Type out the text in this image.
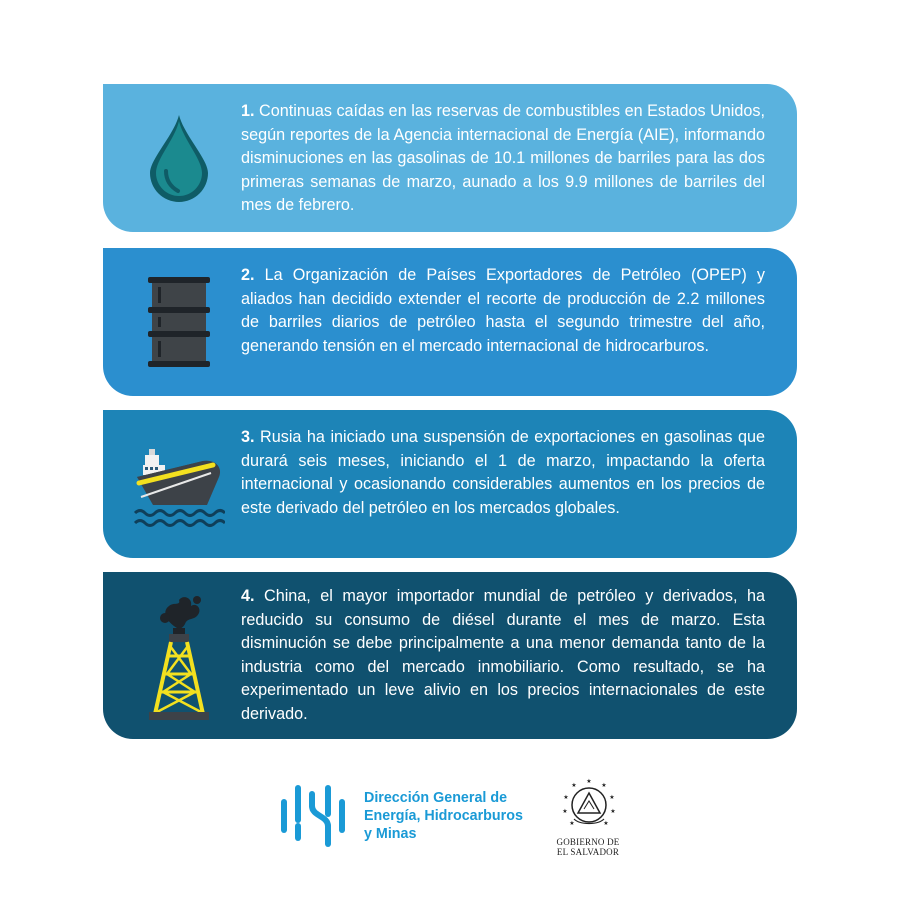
1. Continuas caídas en las reservas de combustibles en Estados Unidos, según reportes de la Agencia internacional de Energía (AIE), informando disminuciones en las gasolinas de 10.1 millones de barriles para las dos primeras semanas de marzo, aunado a los 9.9 millones de barriles del mes de febrero.

2. La Organización de Países Exportadores de Petróleo (OPEP) y aliados han decidido extender el recorte de producción de 2.2 millones de barriles diarios de petróleo hasta el segundo trimestre del año, generando tensión en el mercado internacional de hidrocarburos.

3. Rusia ha iniciado una suspensión de exportaciones en gasolinas que durará seis meses, iniciando el 1 de marzo, impactando la oferta internacional y ocasionando considerables aumentos en los precios de este derivado del petróleo en los mercados globales.

4. China, el mayor importador mundial de petróleo y derivados, ha reducido su consumo de diésel durante el mes de marzo. Esta disminución se debe principalmente a una menor demanda tanto de la industria como del mercado inmobiliario. Como resultado, se ha experimentado un leve alivio en los precios internacionales de este derivado.

Dirección General de
Energía, Hidrocarburos
y Minas

★
★	★
★	★
★	★
★	★

GOBIERNO DE
EL SALVADOR
